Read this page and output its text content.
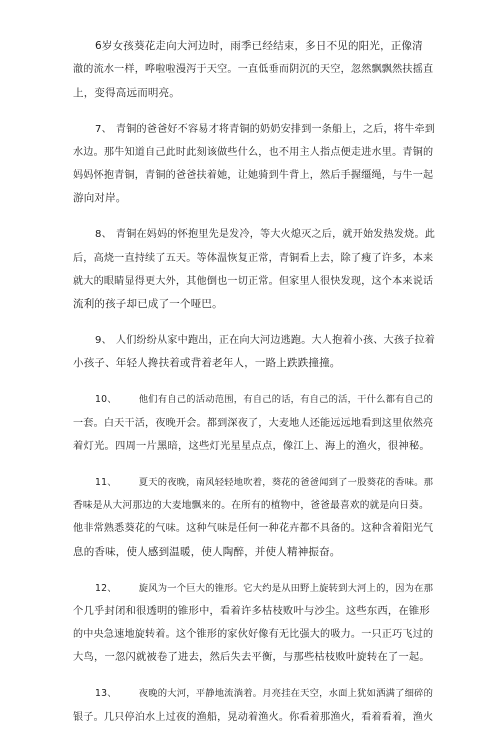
6岁女孩葵花走向大河边时，雨季已经结束，多日不见的阳光，正像清
澈的流水一样，哗啦啦漫泻于天空。一直低垂而阴沉的天空，忽然飘飘然扶摇直
上，变得高远而明亮。
7、 青铜的爸爸好不容易才将青铜的奶奶安排到一条船上，之后，将牛牵到
水边。那牛知道自己此时此刻该做些什么，也不用主人指点便走进水里。青铜的
妈妈怀抱青铜，青铜的爸爸扶着她，让她骑到牛背上，然后手握缰绳，与牛一起
游向对岸。
8、 青铜在妈妈的怀抱里先是发冷，等大火熄灭之后，就开始发热发烧。此
后，高烧一直持续了五天。等体温恢复正常，青铜看上去，除了瘦了许多，本来
就大的眼睛显得更大外，其他倒也一切正常。但家里人很快发现，这个本来说话
流利的孩子却已成了一个哑巴。
9、 人们纷纷从家中跑出，正在向大河边逃跑。大人抱着小孩、大孩子拉着
小孩子、年轻人搀扶着或背着老年人，一路上跌跌撞撞。
10、 他们有自己的活动范围，有自己的话，有自己的活，干什么都有自己的
一套。白天干活，夜晚开会。都到深夜了，大麦地人还能远远地看到这里依然亮
着灯光。四周一片黑暗，这些灯光星星点点，像江上、海上的渔火，很神秘。
11、 夏天的夜晚，南风轻轻地吹着，葵花的爸爸闻到了一股葵花的香味。那
香味是从大河那边的大麦地飘来的。在所有的植物中，爸爸最喜欢的就是向日葵。
他非常熟悉葵花的气味。这种气味是任何一种花卉都不具备的。这种含着阳光气
息的香味，使人感到温暖，使人陶醉，并使人精神振奋。
12、 旋风为一个巨大的锥形。它大约是从田野上旋转到大河上的，因为在那
个几乎封闭和很透明的锥形中，看着许多枯枝败叶与沙尘。这些东西，在锥形
的中央急速地旋转着。这个锥形的家伙好像有无比强大的吸力。一只正巧飞过的
大鸟，一忽闪就被卷了进去，然后失去平衡，与那些枯枝败叶旋转在了一起。
13、 夜晚的大河，平静地流淌着。月亮挂在天空，水面上犹如洒满了细碎的
银子。几只停泊水上过夜的渔船，晃动着渔火。你看着那渔火，看着看着，渔火
